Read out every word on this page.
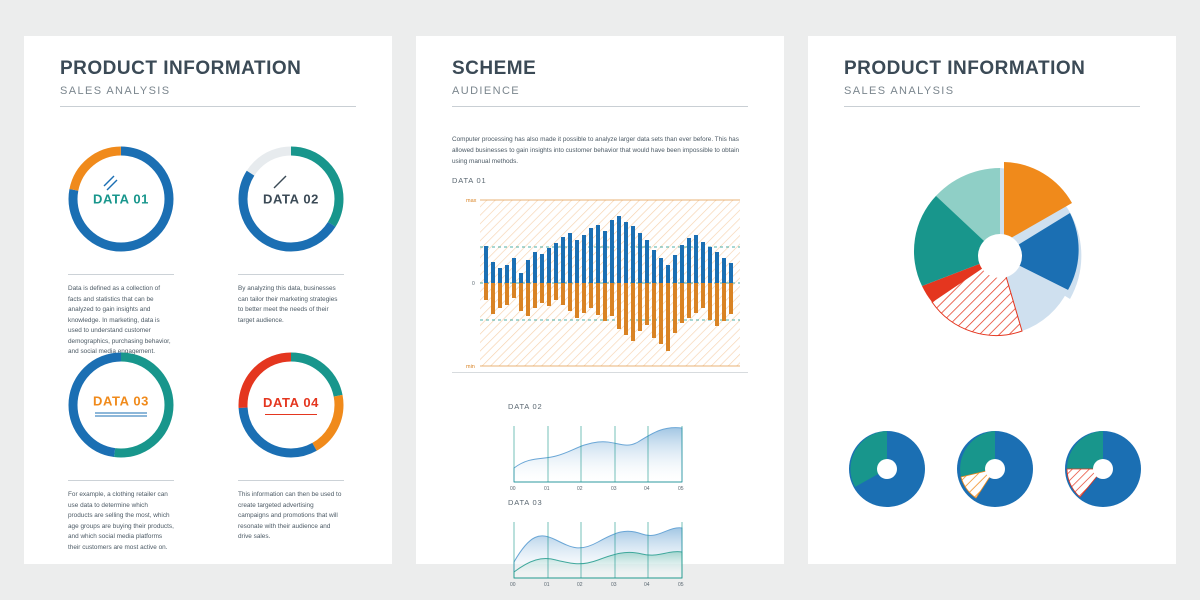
PRODUCT INFORMATION
SALES ANALYSIS
DATA 01
Data is defined as a collection of facts and statistics that can be analyzed to gain insights and knowledge. In marketing, data is used to understand customer demographics, purchasing behavior, and social media engagement.
DATA 02
By analyzing this data, businesses can tailor their marketing strategies to better meet the needs of their target audience.
DATA 03
For example, a clothing retailer can use data to determine which products are selling the most, which age groups are buying their products, and which social media platforms their customers are most active on.
DATA 04
This information can then be used to create targeted advertising campaigns and promotions that will resonate with their audience and drive sales.
SCHEME
AUDIENCE
Computer processing has also made it possible to analyze larger data sets than ever before. This has allowed businesses to gain insights into customer behavior that would have been impossible to obtain using manual methods.
DATA 01
max
0
min
DATA 02
00	01	02	03	04	05
DATA 03
00	01	02	03	04	05
PRODUCT INFORMATION
SALES ANALYSIS
